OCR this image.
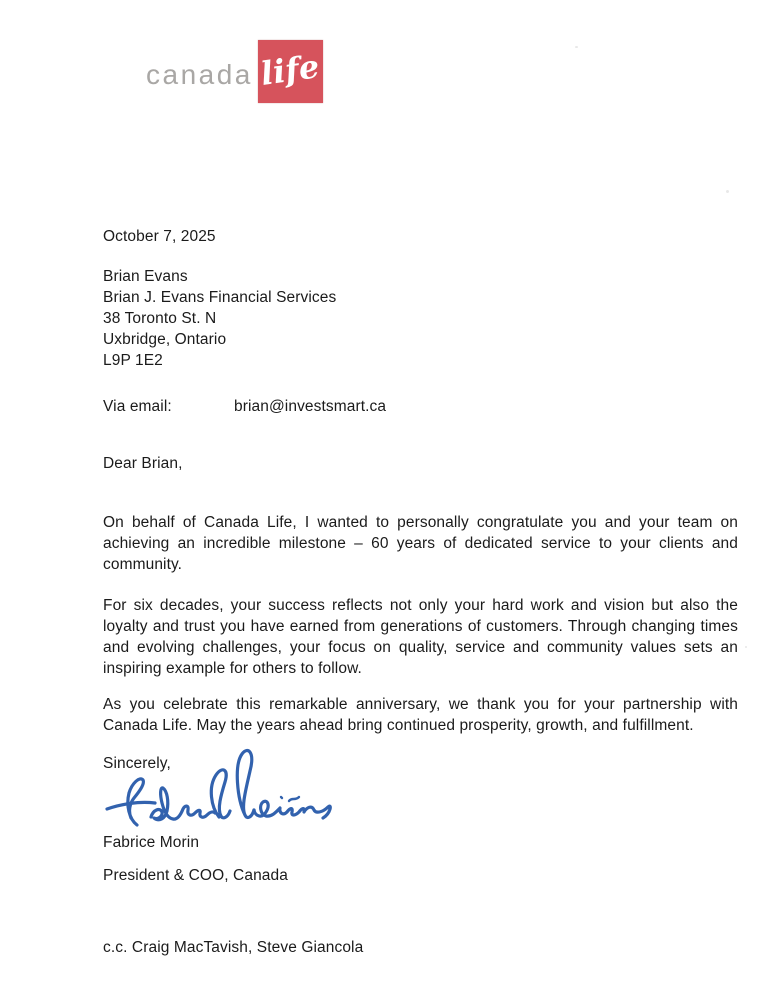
canada life
October 7, 2025
Brian Evans
Brian J. Evans Financial Services
38 Toronto St. N
Uxbridge, Ontario
L9P 1E2
Via email:	brian@investsmart.ca
Dear Brian,
On behalf of Canada Life, I wanted to personally congratulate you and your team on achieving an incredible milestone – 60 years of dedicated service to your clients and community.
For six decades, your success reflects not only your hard work and vision but also the loyalty and trust you have earned from generations of customers. Through changing times and evolving challenges, your focus on quality, service and community values sets an inspiring example for others to follow.
As you celebrate this remarkable anniversary, we thank you for your partnership with Canada Life. May the years ahead bring continued prosperity, growth, and fulfillment.
Sincerely,
Fabrice Morin
President & COO, Canada
c.c. Craig MacTavish, Steve Giancola
